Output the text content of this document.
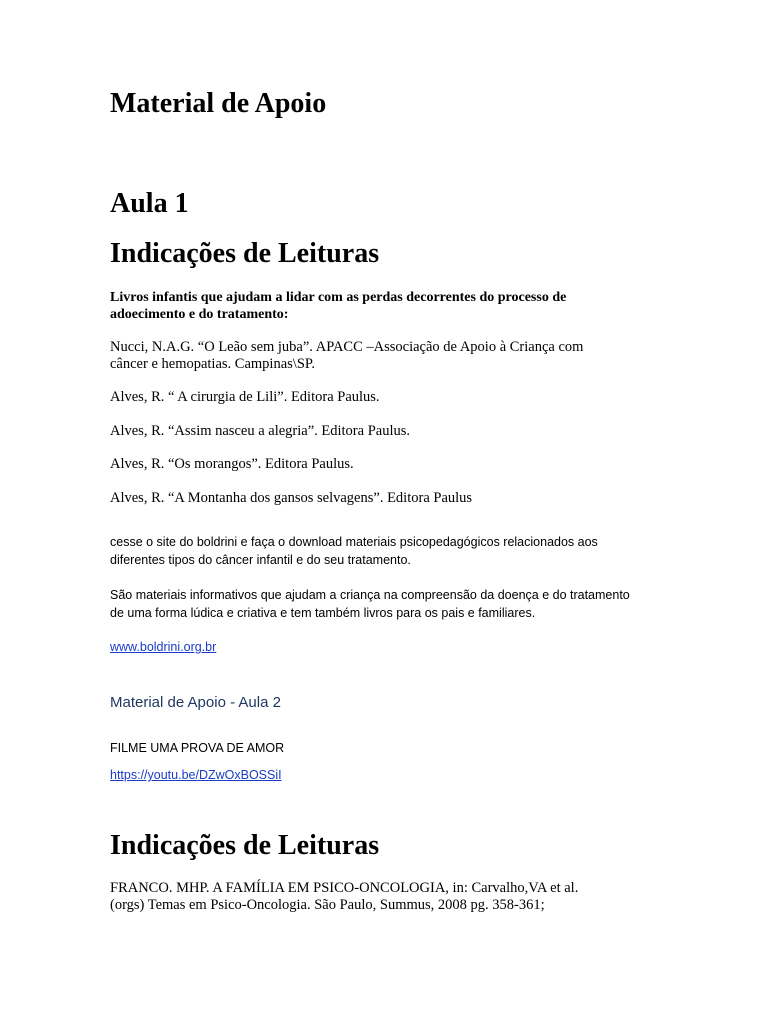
Material de Apoio
Aula 1
Indicações de Leituras
Livros infantis que ajudam a lidar com as perdas decorrentes do processo de
adoecimento e do tratamento:
Nucci, N.A.G. “O Leão sem juba”. APACC –Associação de Apoio à Criança com
câncer e hemopatias. Campinas\SP.
Alves, R. “ A cirurgia de Lili”. Editora Paulus.
Alves, R. “Assim nasceu a alegria”. Editora Paulus.
Alves, R. “Os morangos”. Editora Paulus.
Alves, R. “A Montanha dos gansos selvagens”. Editora Paulus
cesse o site do boldrini e faça o download materiais psicopedagógicos relacionados aos
diferentes tipos do câncer infantil e do seu tratamento.
São materiais informativos que ajudam a criança na compreensão da doença e do tratamento
de uma forma lúdica e criativa e tem também livros para os pais e familiares.
www.boldrini.org.br
Material de Apoio - Aula 2
FILME UMA PROVA DE AMOR
https://youtu.be/DZwOxBOSSiI
Indicações de Leituras
FRANCO. MHP. A FAMÍLIA EM PSICO-ONCOLOGIA, in: Carvalho,VA et al.
(orgs) Temas em Psico-Oncologia. São Paulo, Summus, 2008 pg. 358-361;
